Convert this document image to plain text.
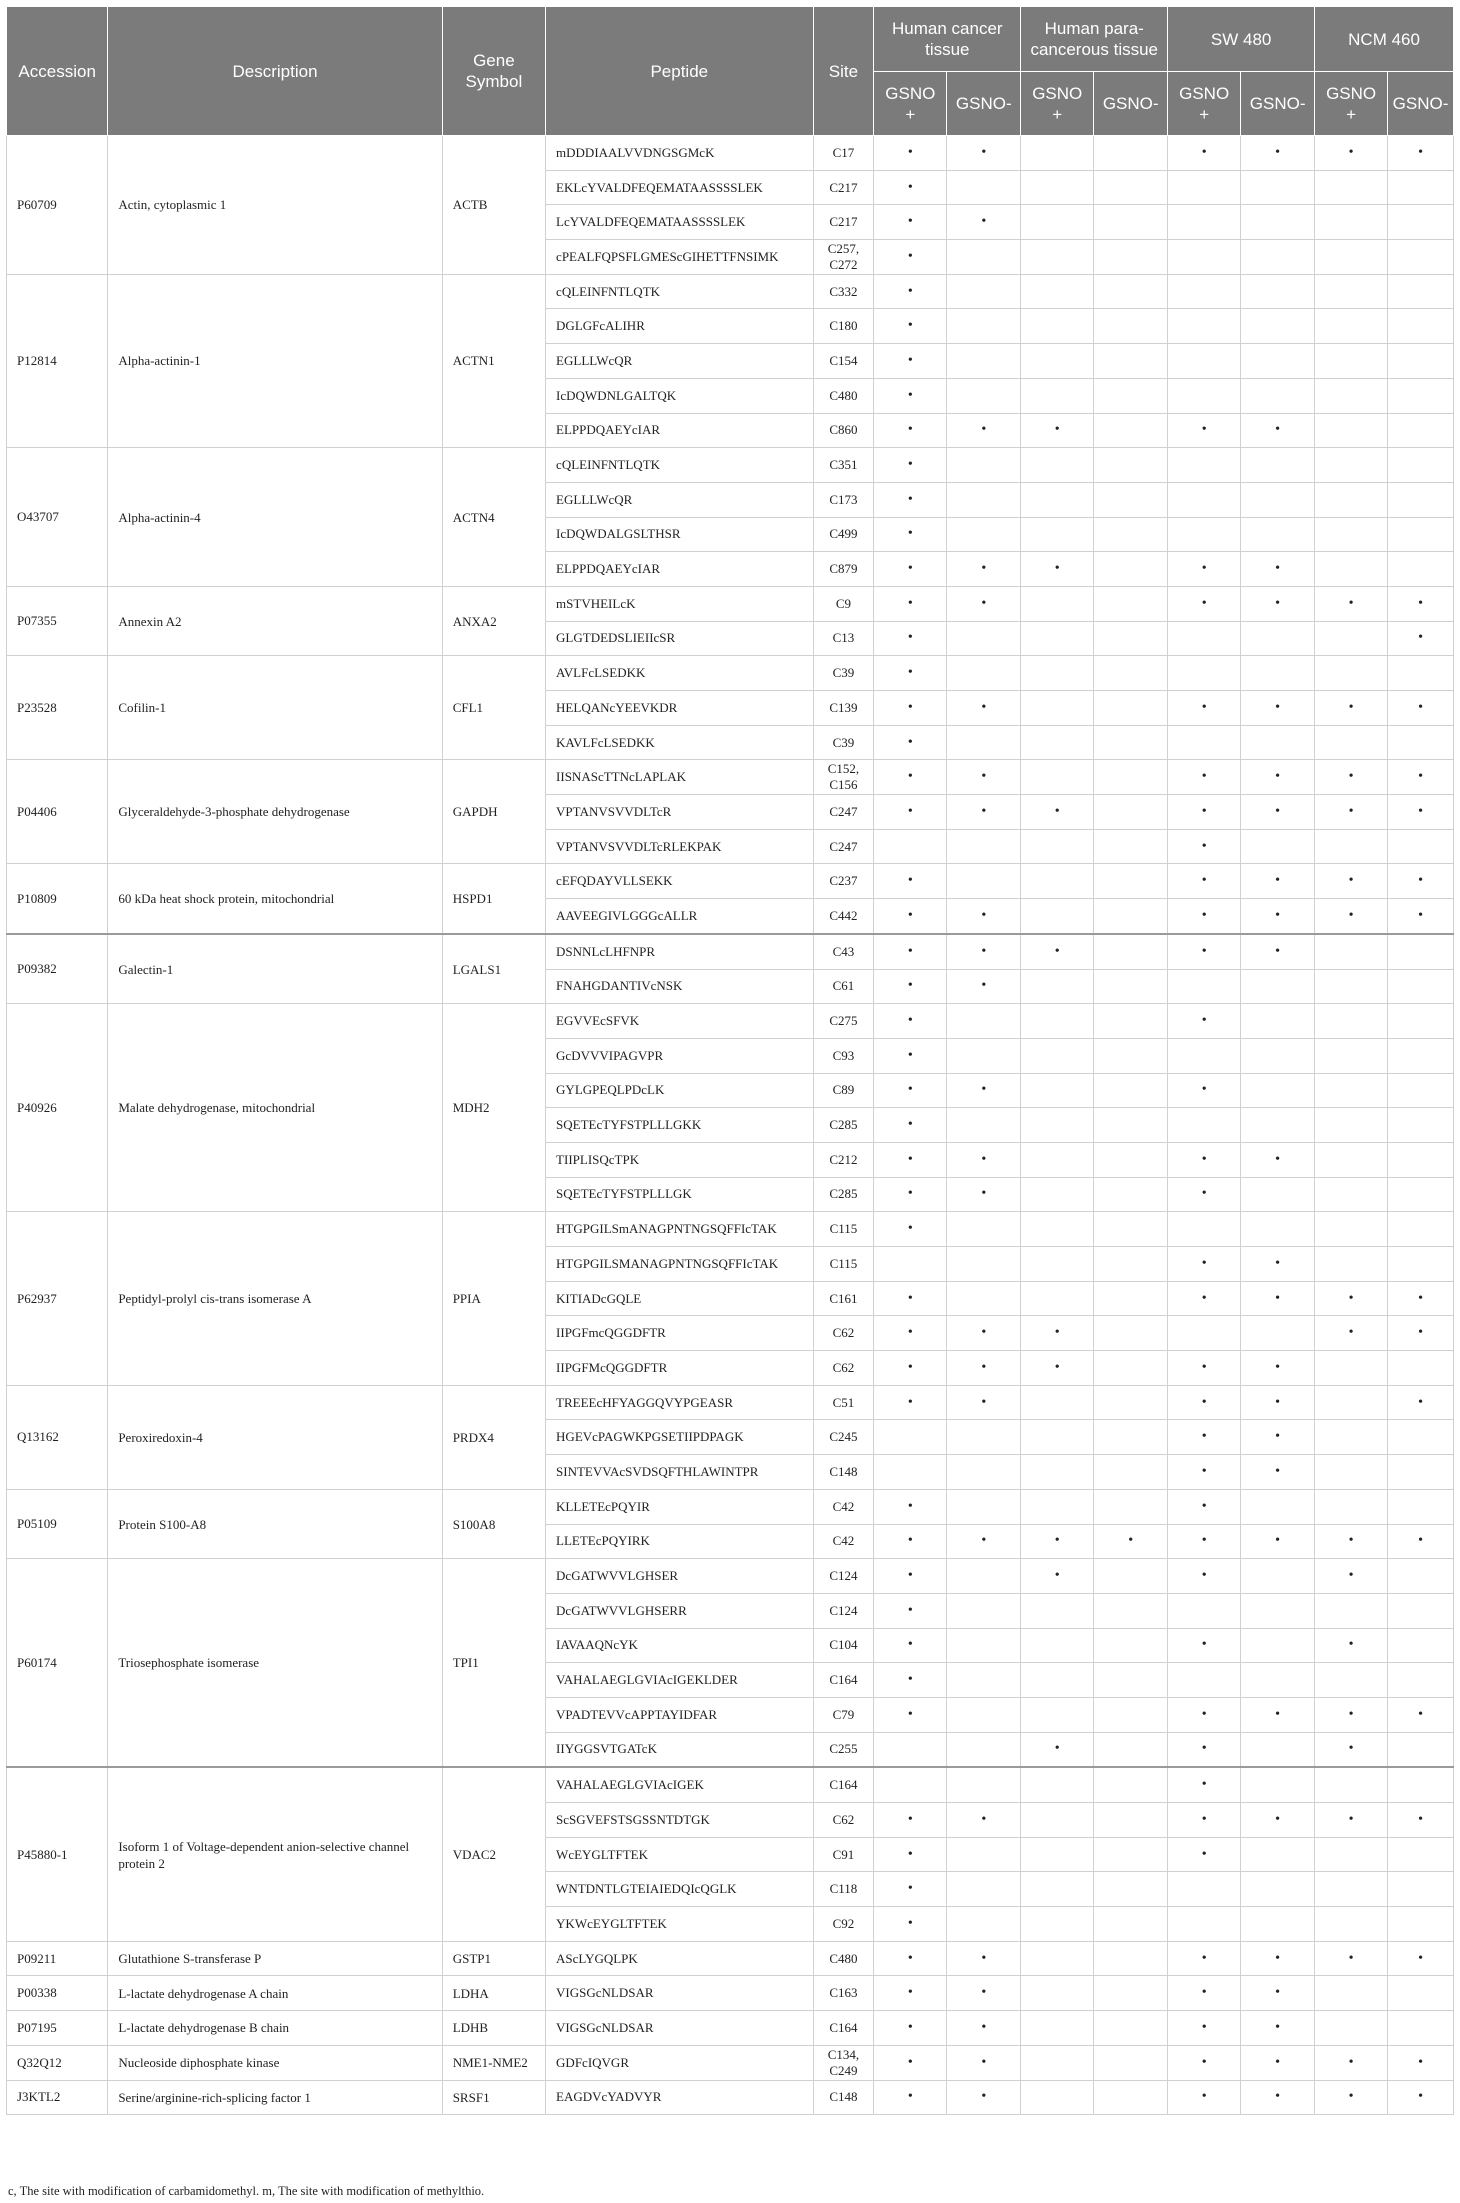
Accession	Description	Gene Symbol	Peptide	Site	Human cancer tissue		Human para-cancerous tissue		SW 480		NCM 460	
					GSNO +	GSNO-	GSNO +	GSNO-	GSNO +	GSNO-	GSNO +	GSNO-
P60709	Actin, cytoplasmic 1	ACTB	mDDDIAALVVDNGSGMcK	C17	•	•			•	•	•	•
			EKLcYVALDFEQEMATAASSSSLEK	C217	•							
			LcYVALDFEQEMATAASSSSLEK	C217	•	•						
			cPEALFQPSFLGMEScGIHETTFNSIMK	C257, C272	•							
P12814	Alpha-actinin-1	ACTN1	cQLEINFNTLQTK	C332	•							
			DGLGFcALIHR	C180	•							
			EGLLLWcQR	C154	•							
			IcDQWDNLGALTQK	C480	•							
			ELPPDQAEYcIAR	C860	•	•	•		•	•		
O43707	Alpha-actinin-4	ACTN4	cQLEINFNTLQTK	C351	•							
			EGLLLWcQR	C173	•							
			IcDQWDALGSLTHSR	C499	•							
			ELPPDQAEYcIAR	C879	•	•	•		•	•		
P07355	Annexin A2	ANXA2	mSTVHEILcK	C9	•	•			•	•	•	•
			GLGTDEDSLIEIIcSR	C13	•							•
P23528	Cofilin-1	CFL1	AVLFcLSEDKK	C39	•							
			HELQANcYEEVKDR	C139	•	•			•	•	•	•
			KAVLFcLSEDKK	C39	•							
P04406	Glyceraldehyde-3-phosphate dehydrogenase	GAPDH	IISNAScTTNcLAPLAK	C152, C156	•	•			•	•	•	•
			VPTANVSVVDLTcR	C247	•	•	•		•	•	•	•
			VPTANVSVVDLTcRLEKPAK	C247					•			
P10809	60 kDa heat shock protein, mitochondrial	HSPD1	cEFQDAYVLLSEKK	C237	•				•	•	•	•
			AAVEEGIVLGGGcALLR	C442	•	•			•	•	•	•
P09382	Galectin-1	LGALS1	DSNNLcLHFNPR	C43	•	•	•		•	•		
			FNAHGDANTIVcNSK	C61	•	•						
P40926	Malate dehydrogenase, mitochondrial	MDH2	EGVVEcSFVK	C275	•				•			
			GcDVVVIPAGVPR	C93	•							
			GYLGPEQLPDcLK	C89	•	•			•			
			SQETEcTYFSTPLLLGKK	C285	•							
			TIIPLISQcTPK	C212	•	•			•	•		
			SQETEcTYFSTPLLLGK	C285	•	•			•			
P62937	Peptidyl-prolyl cis-trans isomerase A	PPIA	HTGPGILSmANAGPNTNGSQFFIcTAK	C115	•							
			HTGPGILSMANAGPNTNGSQFFIcTAK	C115					•	•		
			KITIADcGQLE	C161	•				•	•	•	•
			IIPGFmcQGGDFTR	C62	•	•	•				•	•
			IIPGFMcQGGDFTR	C62	•	•	•		•	•		
Q13162	Peroxiredoxin-4	PRDX4	TREEEcHFYAGGQVYPGEASR	C51	•	•			•	•		•
			HGEVcPAGWKPGSETIIPDPAGK	C245					•	•		
			SINTEVVAcSVDSQFTHLAWINTPR	C148					•	•		
P05109	Protein S100-A8	S100A8	KLLETEcPQYIR	C42	•				•			
			LLETEcPQYIRK	C42	•	•	•	•	•	•	•	•
P60174	Triosephosphate isomerase	TPI1	DcGATWVVLGHSER	C124	•		•		•		•	
			DcGATWVVLGHSERR	C124	•							
			IAVAAQNcYK	C104	•				•		•	
			VAHALAEGLGVIAcIGEKLDER	C164	•							
			VPADTEVVcAPPTAYIDFAR	C79	•				•	•	•	•
			IIYGGSVTGATcK	C255			•		•		•	
P45880-1	Isoform 1 of Voltage-dependent anion-selective channel protein 2	VDAC2	VAHALAEGLGVIAcIGEK	C164					•			
			ScSGVEFSTSGSSNTDTGK	C62	•	•			•	•	•	•
			WcEYGLTFTEK	C91	•				•			
			WNTDNTLGTEIAIEDQIcQGLK	C118	•							
			YKWcEYGLTFTEK	C92	•							
P09211	Glutathione S-transferase P	GSTP1	AScLYGQLPK	C480	•	•			•	•	•	•
P00338	L-lactate dehydrogenase A chain	LDHA	VIGSGcNLDSAR	C163	•	•			•	•		
P07195	L-lactate dehydrogenase B chain	LDHB	VIGSGcNLDSAR	C164	•	•			•	•		
Q32Q12	Nucleoside diphosphate kinase	NME1-NME2	GDFcIQVGR	C134, C249	•	•			•	•	•	•
J3KTL2	Serine/arginine-rich-splicing factor 1	SRSF1	EAGDVcYADVYR	C148	•	•			•	•	•	•
c, The site with modification of carbamidomethyl. m, The site with modification of methylthio.
